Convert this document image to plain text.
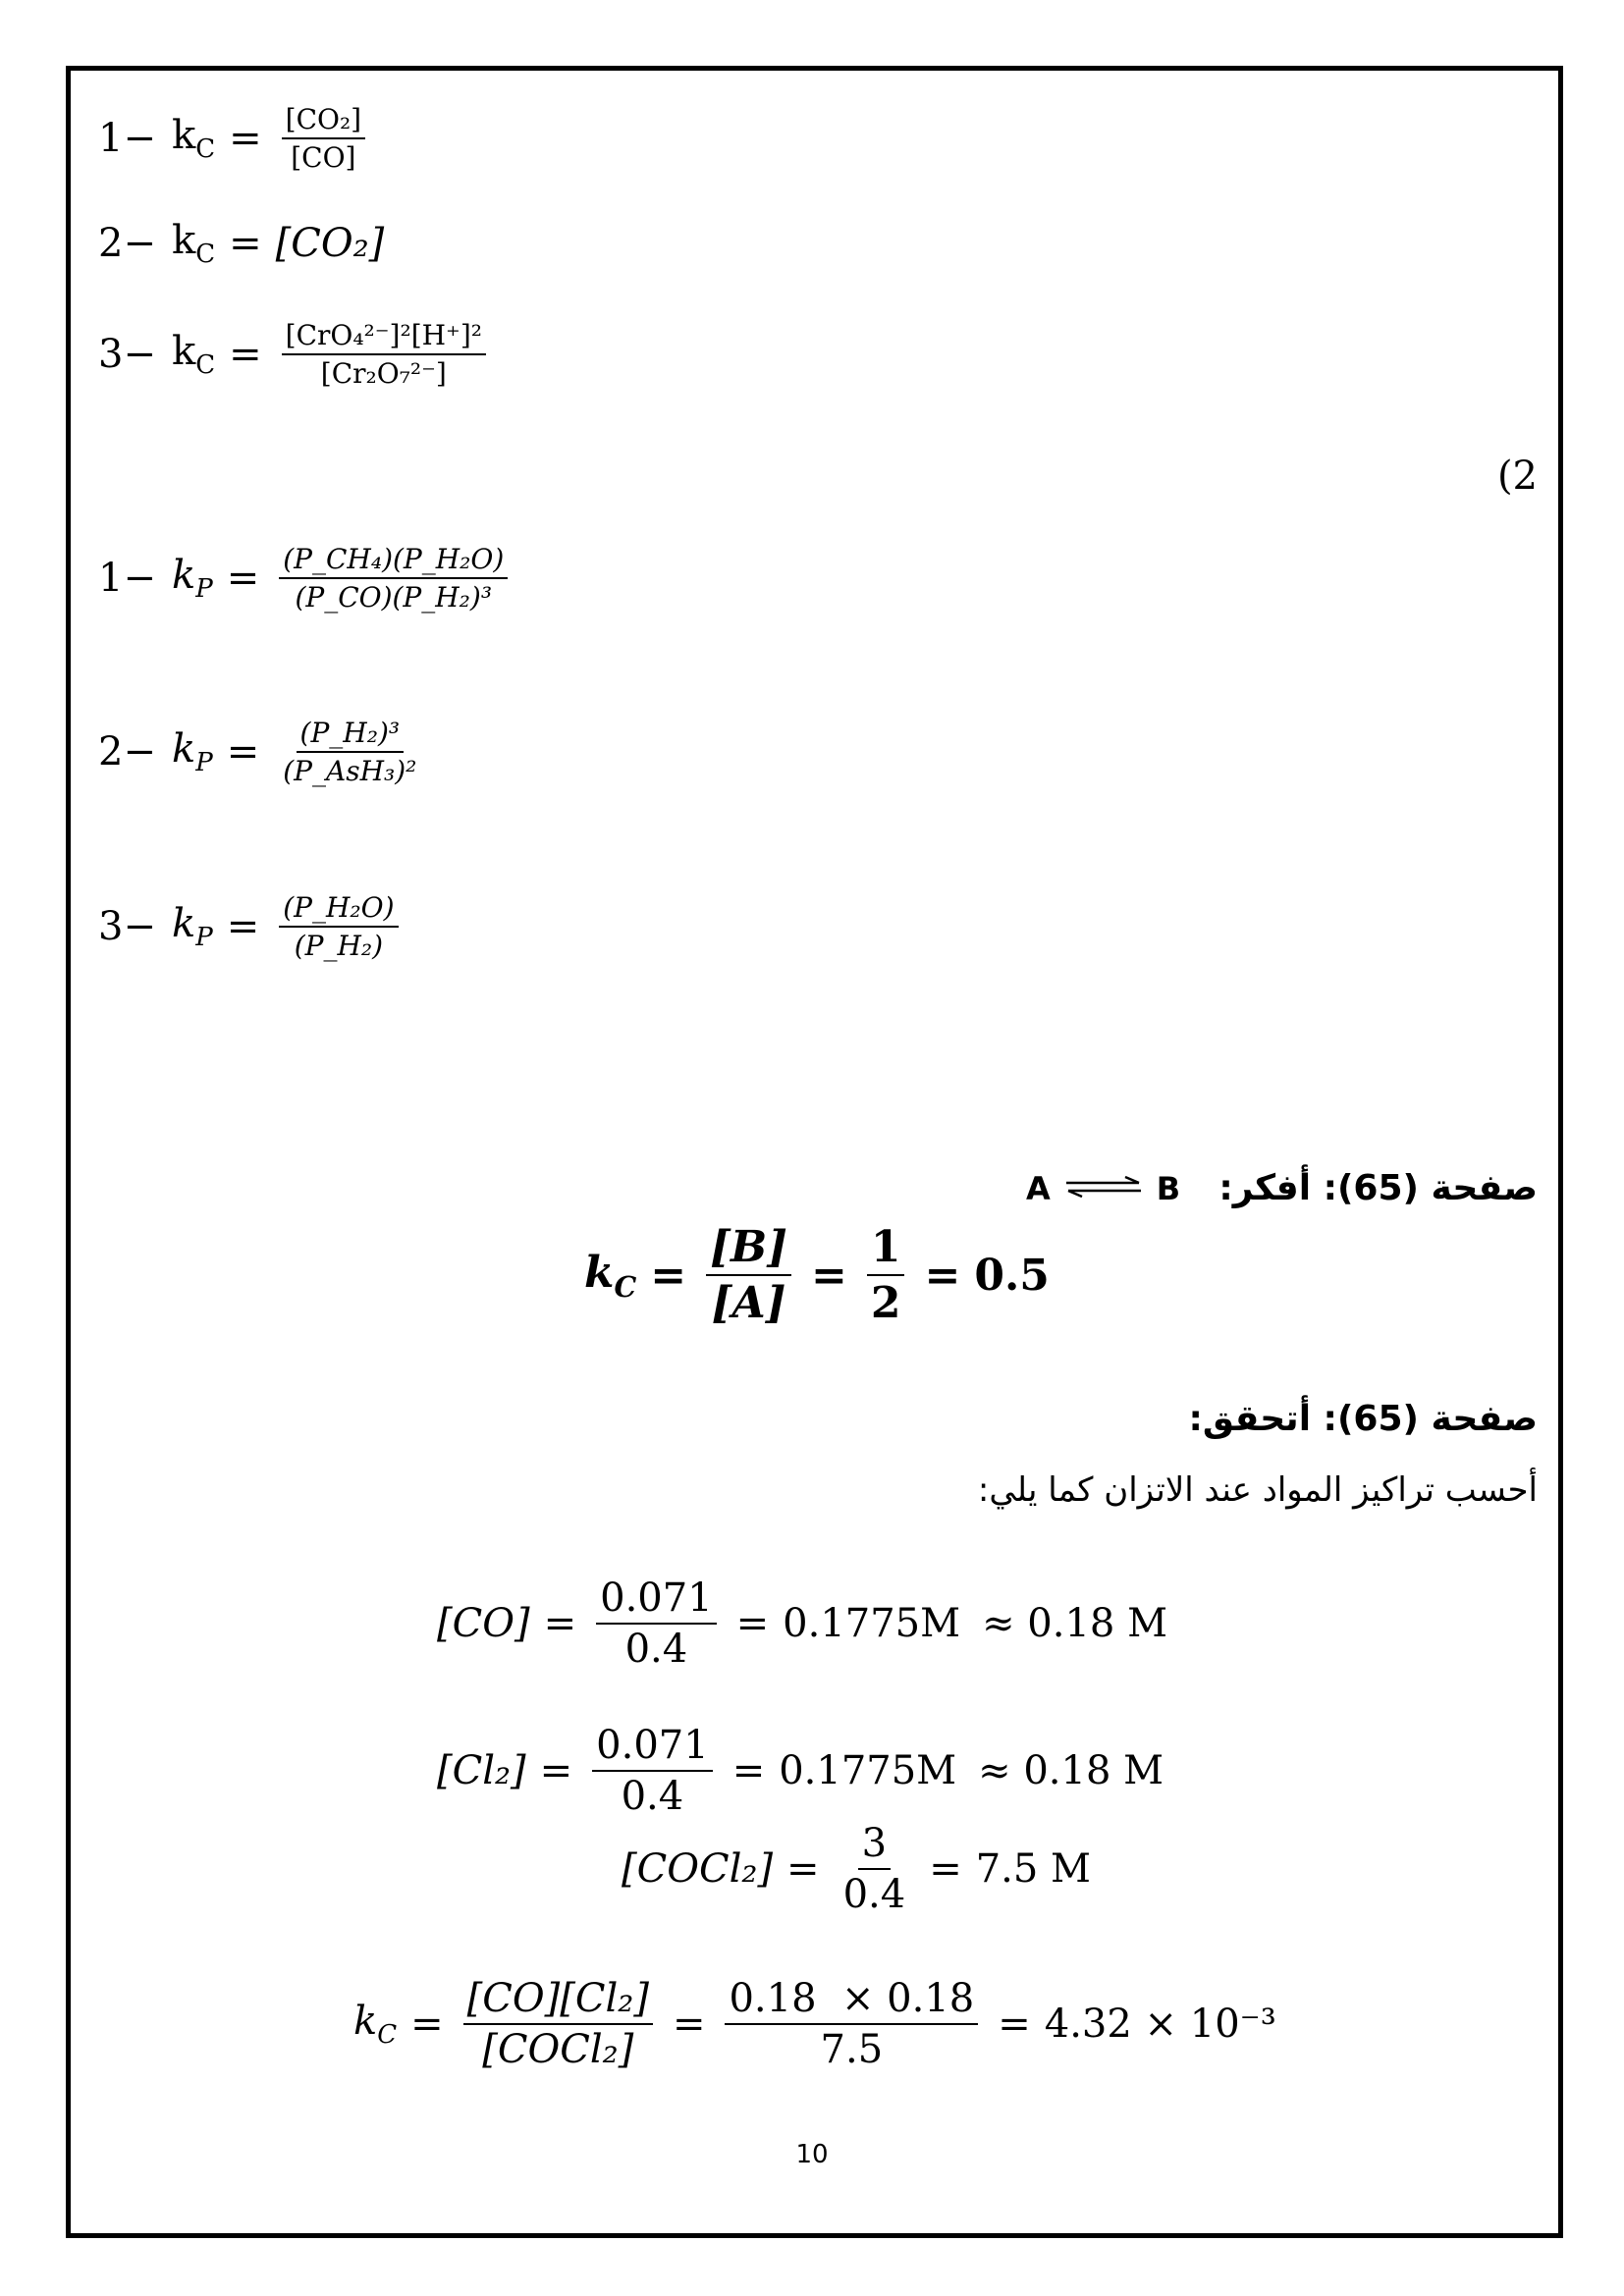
$1- k_C = \frac{\text{[CO₂]}}{[CO]}$
$2- k_C = [CO_2]$
$3- k_C = \frac{\text{[CrO₄²⁻]²[H⁺]²}}{\text{[Cr₂O₇²⁻]}}$
(2
$1- k_P = \frac{\text{(P\_CH₄)(P\_H₂O)}}{\text{(P\_CO)(P\_H₂)³}}$
$2- k_P = \frac{\text{(P\_H₂)³}}{\text{(P\_AsH₃)²}}$
$3- k_P = \frac{\text{(P\_H₂O)}}{\text{(P\_H₂)}}$
صفحة (65): أفكر:
A ⇌ B
$k_C = \frac{[B]}{[A]} = \frac{1}{2} = 0.5$
صفحة (65): أتحقق:
أحسب تراكيز المواد عند الاتزان كما يلي:
$[CO] = \frac{0.071}{0.4} = 0.1775M \approx 0.18$ M
$[Cl_2] = \frac{0.071}{0.4} = 0.1775M \approx 0.18$ M
[COCl₂] = $\frac{3}{0.4} = 7.5$ M
$k_C = \frac{\text{[CO][Cl₂]}}{\text{[COCl₂]}} = \frac{0.18 \times 0.18}{7.5} = 4.32 \times 10^{-3}$
10
